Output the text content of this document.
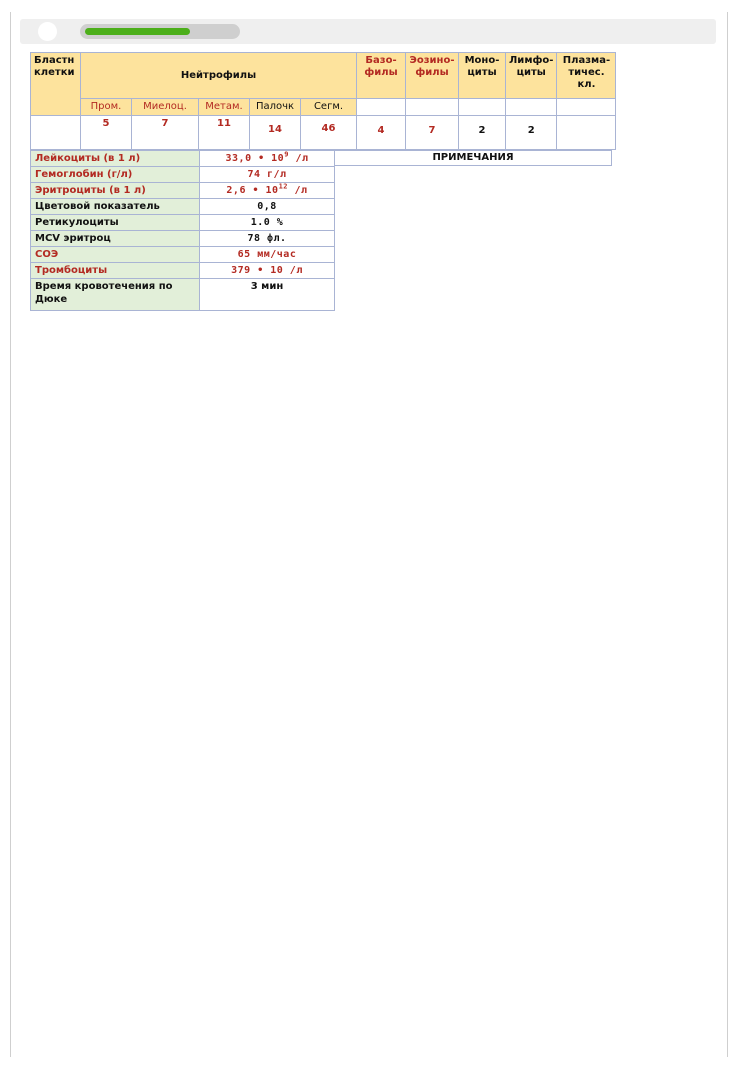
Бластн клетки	Нейтрофилы					Базо-филы	Эозино-филы	Моно-циты	Лимфо-циты	Плазма-тичес. кл.
	Пром.	Миелоц.	Метам.	Палочк	Сегм.					
	5	7	11	14	46	4	7	2	2	
Лейкоциты (в 1 л)	33,0 • $10^9$ /л
Гемоглобин (г/л)	74 г/л
Эритроциты (в 1 л)	2,6 • $10^{12}$ /л
Цветовой показатель	0,8
Ретикулоциты	1.0 %
MCV эритроц	78 фл.
СОЭ	65 мм/час
Тромбоциты	379 • 10 /л
Время кровотечения по Дюке	3 мин
ПРИМЕЧАНИЯ
